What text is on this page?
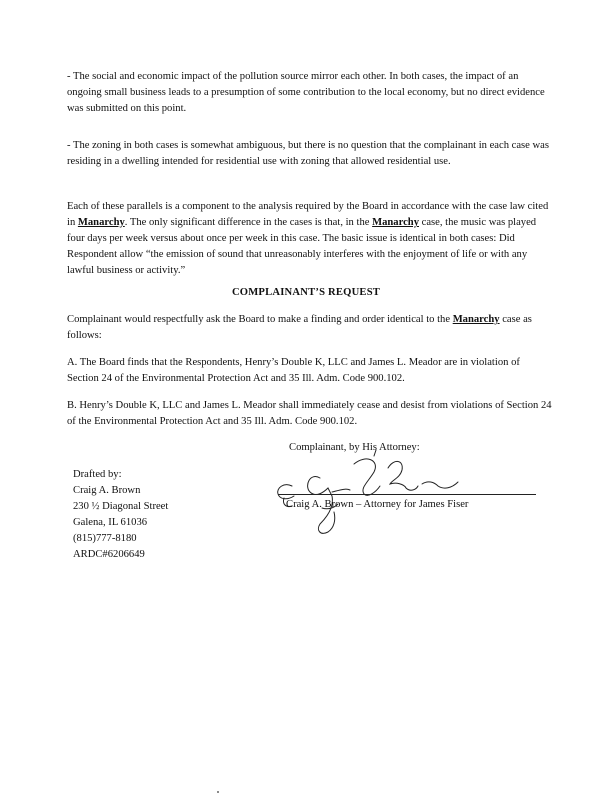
- The social and economic impact of the pollution source mirror each other. In both cases, the impact of an ongoing small business leads to a presumption of some contribution to the local economy, but no direct evidence was submitted on this point.

- The zoning in both cases is somewhat ambiguous, but there is no question that the complainant in each case was residing in a dwelling intended for residential use with zoning that allowed residential use.

Each of these parallels is a component to the analysis required by the Board in accordance with the case law cited in Manarchy. The only significant difference in the cases is that, in the Manarchy case, the music was played four days per week versus about once per week in this case. The basic issue is identical in both cases: Did Respondent allow “the emission of sound that unreasonably interferes with the enjoyment of life or with any lawful business or activity.”

COMPLAINANT’S REQUEST

Complainant would respectfully ask the Board to make a finding and order identical to the Manarchy case as follows:

A. The Board finds that the Respondents, Henry’s Double K, LLC and James L. Meador are in violation of Section 24 of the Environmental Protection Act and 35 Ill. Adm. Code 900.102.

B. Henry’s Double K, LLC and James L. Meador shall immediately cease and desist from violations of Section 24 of the Environmental Protection Act and 35 Ill. Adm. Code 900.102.

Complainant, by His Attorney:

Craig A. Brown – Attorney for James Fiser

Drafted by:
Craig A. Brown
230 ½ Diagonal Street
Galena, IL 61036
(815)777-8180
ARDC#6206649
